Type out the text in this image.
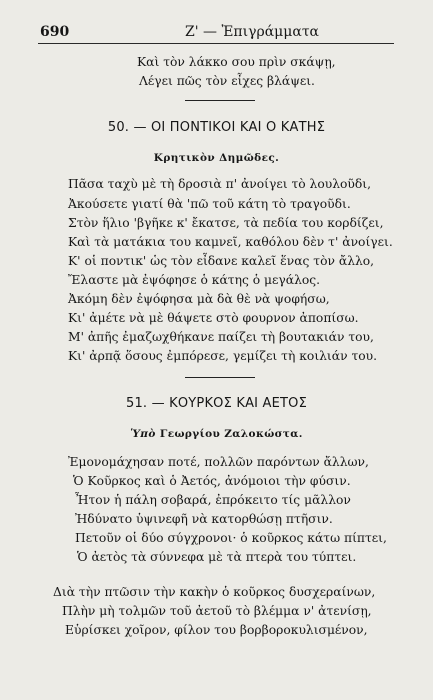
690	Ζ' — Ἐπιγράμματα
Καὶ τὸν λάκκο σου πρὶν σκάψῃ,
Λέγει πῶς τὸν εἶχες βλάψει.
50. — ΟΙ ΠΟΝΤΙΚΟΙ ΚΑΙ Ο ΚΑΤΗΣ
Κρητικὸν Δημῶδες.
Πᾶσα ταχὺ μὲ τὴ δροσιὰ π' ἀνοίγει τὸ λουλοῦδι,
Ἀκούσετε γιατί θὰ 'πῶ τοῦ κάτη τὸ τραγοῦδι.
Στὸν ἥλιο 'βγῆκε κ' ἔκατσε, τὰ πεδία του κορδίζει,
Καὶ τὰ ματάκια του καμνεῖ, καθόλου δὲν τ' ἀνοίγει.
Κ' οἱ ποντικ' ὡς τὸν εἶδανε καλεῖ ἕνας τὸν ἄλλο,
Ἔλαστε μὰ ἐψόφησε ὁ κάτης ὁ μεγάλος.
Ἀκόμη δὲν ἐψόφησα μὰ δὰ θὲ νὰ ψοφήσω,
Κι' ἀμέτε νὰ μὲ θάψετε στὸ φουρνον ἀποπίσω.
Μ' ἀπῆς ἐμαζωχθήκανε παίζει τὴ βουτακιάν του,
Κι' ἀρπᾷ ὅσους ἐμπόρεσε, γεμίζει τὴ κοιλιάν του.
51. — ΚΟΥΡΚΟΣ ΚΑΙ ΑΕΤΟΣ
Ὑπὸ Γεωργίου Ζαλοκώστα.
Ἐμονομάχησαν ποτέ, πολλῶν παρόντων ἄλλων,
Ὁ Κοῦρκος καὶ ὁ Ἀετός, ἀνόμοιοι τὴν φύσιν.
Ἦτον ἡ πάλη σοβαρά, ἐπρόκειτο τίς μᾶλλον
Ἠδύνατο ὑψινεφῆ νὰ κατορθώσῃ πτῆσιν.
Πετοῦν οἱ δύο σύγχρονοι· ὁ κοῦρκος κάτω πίπτει,
Ὁ ἀετὸς τὰ σύννεφα μὲ τὰ πτερὰ του τύπτει.
Διὰ τὴν πτῶσιν τὴν κακὴν ὁ κοῦρκος δυσχεραίνων,
Πλὴν μὴ τολμῶν τοῦ ἀετοῦ τὸ βλέμμα ν' ἀτενίσῃ,
Εὑρίσκει χοῖρον, φίλον του βορβοροκυλισμένον,
